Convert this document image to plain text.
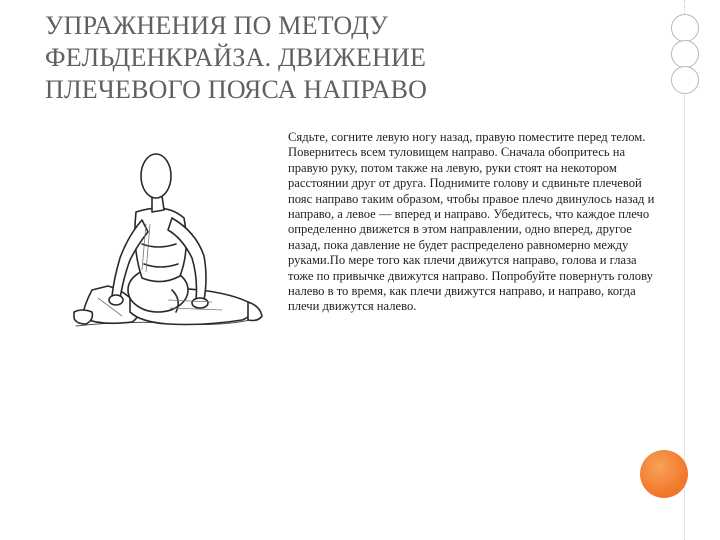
УПРАЖНЕНИЯ ПО МЕТОДУ
ФЕЛЬДЕНКРАЙЗА. ДВИЖЕНИЕ
ПЛЕЧЕВОГО ПОЯСА НАПРАВО

Сядьте, согните левую ногу назад, правую поместите перед телом. Повернитесь всем туловищем направо. Сначала обопритесь на правую руку, потом также на левую, руки стоят на некотором расстоянии друг от друга. Поднимите голову и сдвиньте плечевой пояс направо таким образом, чтобы правое плечо двинулось назад и направо, а левое — вперед и направо. Убедитесь, что каждое плечо определенно движется в этом направлении, одно вперед, другое назад, пока давление не будет распределено равномерно между руками.По мере того как плечи движутся направо, голова и глаза тоже по привычке движутся направо. Попробуйте повернуть голову налево в то время, как плечи движутся направо, и направо, когда плечи движутся налево.
